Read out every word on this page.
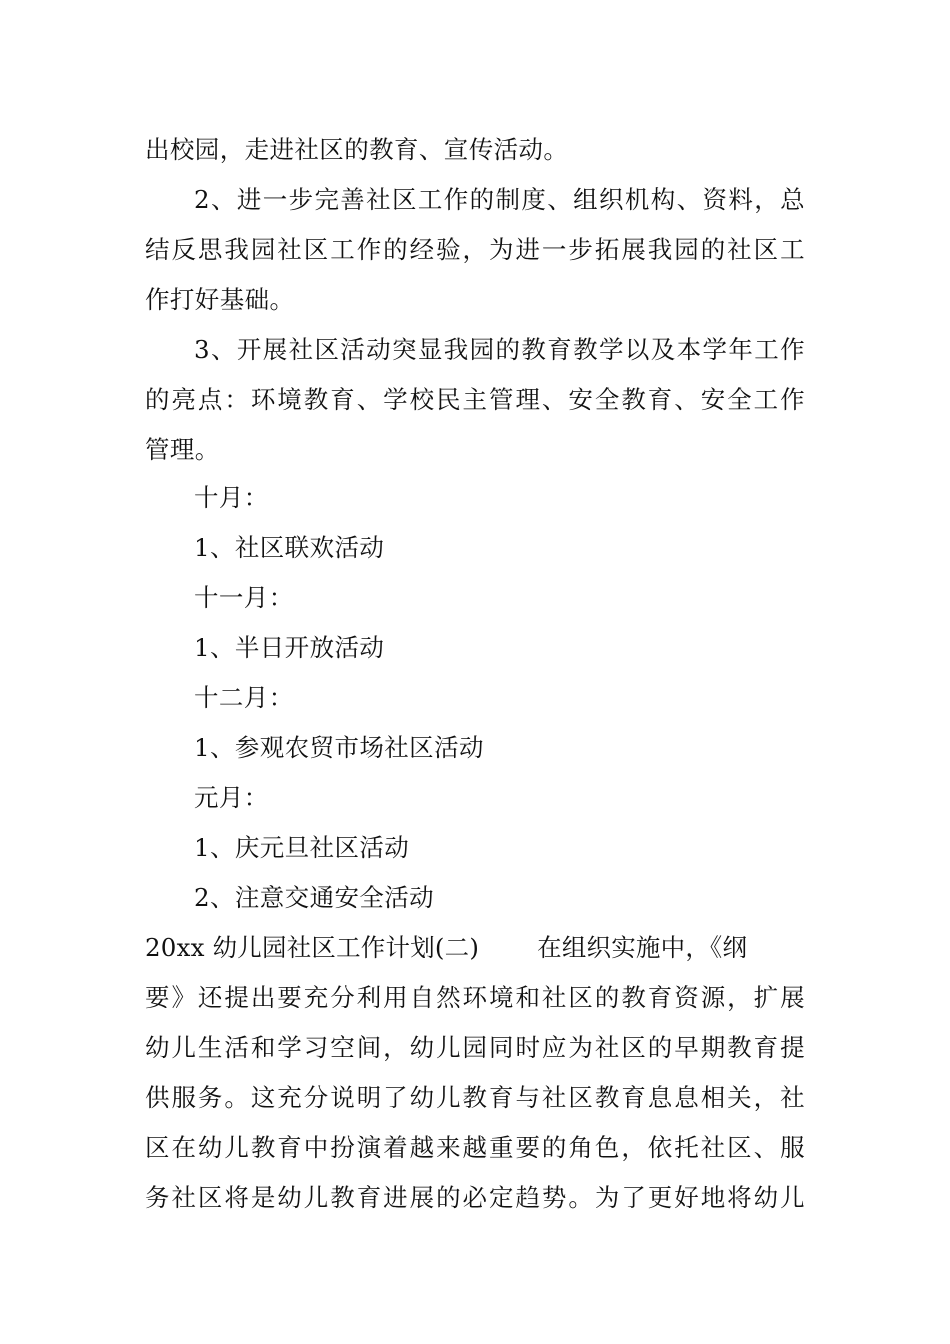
出校园，走进社区的教育、宣传活动。
2、进一步完善社区工作的制度、组织机构、资料，总
结反思我园社区工作的经验，为进一步拓展我园的社区工
作打好基础。
3、开展社区活动突显我园的教育教学以及本学年工作
的亮点：环境教育、学校民主管理、安全教育、安全工作
管理。
十月：
1、社区联欢活动
十一月：
1、半日开放活动
十二月：
1、参观农贸市场社区活动
元月：
1、庆元旦社区活动
2、注意交通安全活动
20xx 幼儿园社区工作计划(二) 在组织实施中，《纲
要》还提出要充分利用自然环境和社区的教育资源，扩展
幼儿生活和学习空间，幼儿园同时应为社区的早期教育提
供服务。这充分说明了幼儿教育与社区教育息息相关，社
区在幼儿教育中扮演着越来越重要的角色，依托社区、服
务社区将是幼儿教育进展的必定趋势。为了更好地将幼儿
